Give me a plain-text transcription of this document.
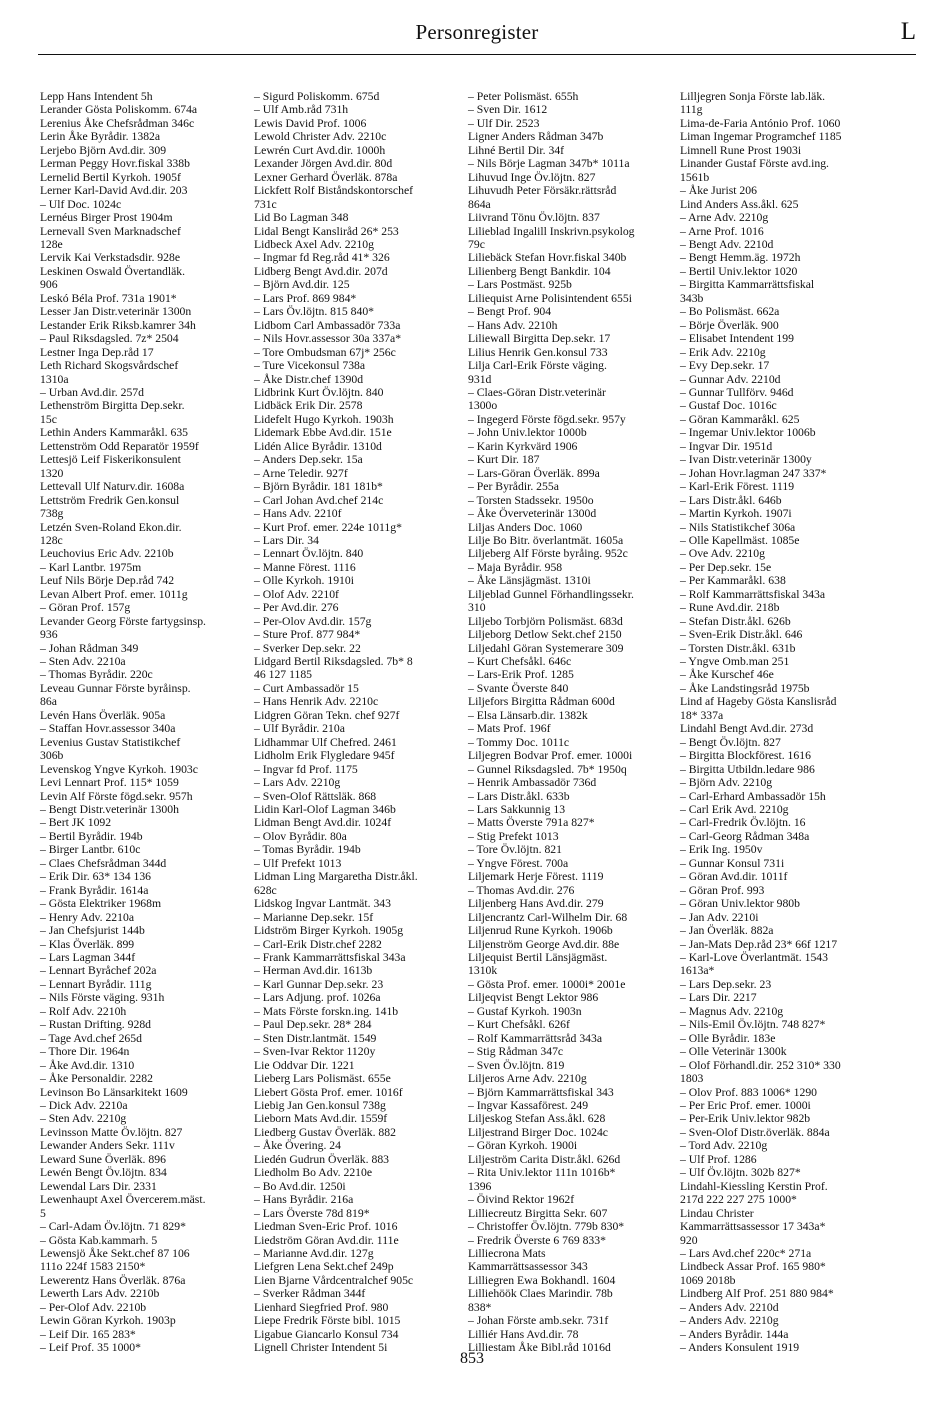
Personregister	L
Lepp Hans Intendent 5h
Lerander Gösta Poliskomm. 674a
Lerenius Åke Chefsrådman 346c
Lerin Åke Byrådir. 1382a
Lerjebo Björn Avd.dir. 309
Lerman Peggy Hovr.fiskal 338b
Lernelid Bertil Kyrkoh. 1905f
Lerner Karl-David Avd.dir. 203
– Ulf Doc. 1024c
Lernéus Birger Prost 1904m
Lernevall Sven Marknadschef
128e
Lervik Kai Verkstadsdir. 928e
Leskinen Oswald Övertandläk.
906
Leskó Béla Prof. 731a 1901*
Lesser Jan Distr.veterinär 1300n
Lestander Erik Riksb.kamrer 34h
– Paul Riksdagsled. 7z* 2504
Lestner Inga Dep.råd 17
Leth Richard Skogsvårdschef
1310a
– Urban Avd.dir. 257d
Lethenström Birgitta Dep.sekr.
15c
Lethin Anders Kammaråkl. 635
Lettenström Odd Reparatör 1959f
Lettesjö Leif Fiskerikonsulent
1320
Lettevall Ulf Naturv.dir. 1608a
Lettström Fredrik Gen.konsul
738g
Letzén Sven-Roland Ekon.dir.
128c
Leuchovius Eric Adv. 2210b
– Karl Lantbr. 1975m
Leuf Nils Börje Dep.råd 742
Levan Albert Prof. emer. 1011g
– Göran Prof. 157g
Levander Georg Förste fartygsinsp.
936
– Johan Rådman 349
– Sten Adv. 2210a
– Thomas Byrådir. 220c
Leveau Gunnar Förste byråinsp.
86a
Levén Hans Överläk. 905a
– Staffan Hovr.assessor 340a
Levenius Gustav Statistikchef
306b
Levenskog Yngve Kyrkoh. 1903c
Levi Lennart Prof. 115* 1059
Levin Alf Förste fögd.sekr. 957h
– Bengt Distr.veterinär 1300h
– Bert JK 1092
– Bertil Byrådir. 194b
– Birger Lantbr. 610c
– Claes Chefsrådman 344d
– Erik Dir. 63* 134 136
– Frank Byrådir. 1614a
– Gösta Elektriker 1968m
– Henry Adv. 2210a
– Jan Chefsjurist 144b
– Klas Överläk. 899
– Lars Lagman 344f
– Lennart Byråchef 202a
– Lennart Byrådir. 111g
– Nils Förste väging. 931h
– Rolf Adv. 2210h
– Rustan Drifting. 928d
– Tage Avd.chef 265d
– Thore Dir. 1964n
– Åke Avd.dir. 1310
– Åke Personaldir. 2282
Levinson Bo Länsarkitekt 1609
– Dick Adv. 2210a
– Sten Adv. 2210g
Levinsson Matte Öv.löjtn. 827
Lewander Anders Sekr. 111v
Leward Sune Överläk. 896
Lewén Bengt Öv.löjtn. 834
Lewendal Lars Dir. 2331
Lewenhaupt Axel Övercerem.mäst.
5
– Carl-Adam Öv.löjtn. 71 829*
– Gösta Kab.kammarh. 5
Lewensjö Åke Sekt.chef 87 106
111o 224f 1583 2150*
Lewerentz Hans Överläk. 876a
Lewerth Lars Adv. 2210b
– Per-Olof Adv. 2210b
Lewin Göran Kyrkoh. 1903p
– Leif Dir. 165 283*
– Leif Prof. 35 1000*
– Sigurd Poliskomm. 675d
– Ulf Amb.råd 731h
Lewis David Prof. 1006
Lewold Christer Adv. 2210c
Lewrén Curt Avd.dir. 1000h
Lexander Jörgen Avd.dir. 80d
Lexner Gerhard Överläk. 878a
Lickfett Rolf Biståndskontorschef
731c
Lid Bo Lagman 348
Lidal Bengt Kansliråd 26* 253
Lidbeck Axel Adv. 2210g
– Ingmar fd Reg.råd 41* 326
Lidberg Bengt Avd.dir. 207d
– Björn Avd.dir. 125
– Lars Prof. 869 984*
– Lars Öv.löjtn. 815 840*
Lidbom Carl Ambassadör 733a
– Nils Hovr.assessor 30a 337a*
– Tore Ombudsman 67j* 256c
– Ture Vicekonsul 738a
– Åke Distr.chef 1390d
Lidbrink Kurt Öv.löjtn. 840
Lidbäck Erik Dir. 2578
Lidefelt Hugo Kyrkoh. 1903h
Lidemark Ebbe Avd.dir. 151e
Lidén Alice Byrådir. 1310d
– Anders Dep.sekr. 15a
– Arne Teledir. 927f
– Björn Byrådir. 181 181b*
– Carl Johan Avd.chef 214c
– Hans Adv. 2210f
– Kurt Prof. emer. 224e 1011g*
– Lars Dir. 34
– Lennart Öv.löjtn. 840
– Manne Förest. 1116
– Olle Kyrkoh. 1910i
– Olof Adv. 2210f
– Per Avd.dir. 276
– Per-Olov Avd.dir. 157g
– Sture Prof. 877 984*
– Sverker Dep.sekr. 22
Lidgard Bertil Riksdagsled. 7b* 8
46 127 1185
– Curt Ambassadör 15
– Hans Henrik Adv. 2210c
Lidgren Göran Tekn. chef 927f
– Ulf Byrådir. 210a
Lidhammar Ulf Chefred. 2461
Lidholm Erik Flygledare 945f
– Ingvar fd Prof. 1175
– Lars Adv. 2210g
– Sven-Olof Rättsläk. 868
Lidin Karl-Olof Lagman 346b
Lidman Bengt Avd.dir. 1024f
– Olov Byrådir. 80a
– Tomas Byrådir. 194b
– Ulf Prefekt 1013
Lidman Ling Margaretha Distr.åkl.
628c
Lidskog Ingvar Lantmät. 343
– Marianne Dep.sekr. 15f
Lidström Birger Kyrkoh. 1905g
– Carl-Erik Distr.chef 2282
– Frank Kammarrättsfiskal 343a
– Herman Avd.dir. 1613b
– Karl Gunnar Dep.sekr. 23
– Lars Adjung. prof. 1026a
– Mats Förste forskn.ing. 141b
– Paul Dep.sekr. 28* 284
– Sten Distr.lantmät. 1549
– Sven-Ivar Rektor 1120y
Lie Oddvar Dir. 1221
Lieberg Lars Polismäst. 655e
Liebert Gösta Prof. emer. 1016f
Liebig Jan Gen.konsul 738g
Lieborn Mats Avd.dir. 1559f
Liedberg Gustav Överläk. 882
– Åke Övering. 24
Liedén Gudrun Överläk. 883
Liedholm Bo Adv. 2210e
– Bo Avd.dir. 1250i
– Hans Byrådir. 216a
– Lars Överste 78d 819*
Liedman Sven-Eric Prof. 1016
Liedström Göran Avd.dir. 111e
– Marianne Avd.dir. 127g
Liefgren Lena Sekt.chef 249p
Lien Bjarne Vårdcentralchef 905c
– Sverker Rådman 344f
Lienhard Siegfried Prof. 980
Liepe Fredrik Förste bibl. 1015
Ligabue Giancarlo Konsul 734
Lignell Christer Intendent 5i
– Peter Polismäst. 655h
– Sven Dir. 1612
– Ulf Dir. 2523
Ligner Anders Rådman 347b
Lihné Bertil Dir. 34f
– Nils Börje Lagman 347b* 1011a
Lihuvud Inge Öv.löjtn. 827
Lihuvudh Peter Försäkr.rättsråd
864a
Liivrand Tönu Öv.löjtn. 837
Lilieblad Ingalill Inskrivn.psykolog
79c
Liliebäck Stefan Hovr.fiskal 340b
Lilienberg Bengt Bankdir. 104
– Lars Postmäst. 925b
Liliequist Arne Polisintendent 655i
– Bengt Prof. 904
– Hans Adv. 2210h
Liliewall Birgitta Dep.sekr. 17
Lilius Henrik Gen.konsul 733
Lilja Carl-Erik Förste väging.
931d
– Claes-Göran Distr.veterinär
1300o
– Ingegerd Förste fögd.sekr. 957y
– John Univ.lektor 1000b
– Karin Kyrkvärd 1906
– Kurt Dir. 187
– Lars-Göran Överläk. 899a
– Per Byrådir. 255a
– Torsten Stadssekr. 1950o
– Åke Överveterinär 1300d
Liljas Anders Doc. 1060
Lilje Bo Bitr. överlantmät. 1605a
Liljeberg Alf Förste byråing. 952c
– Maja Byrådir. 958
– Åke Länsjägmäst. 1310i
Liljeblad Gunnel Förhandlingssekr.
310
Liljebo Torbjörn Polismäst. 683d
Liljeborg Detlow Sekt.chef 2150
Liljedahl Göran Systemerare 309
– Kurt Chefsåkl. 646c
– Lars-Erik Prof. 1285
– Svante Överste 840
Liljefors Birgitta Rådman 600d
– Elsa Länsarb.dir. 1382k
– Mats Prof. 196f
– Tommy Doc. 1011c
Liljegren Bodvar Prof. emer. 1000i
– Gunnel Riksdagsled. 7b* 1950q
– Henrik Ambassadör 736d
– Lars Distr.åkl. 633b
– Lars Sakkunnig 13
– Matts Överste 791a 827*
– Stig Prefekt 1013
– Tore Öv.löjtn. 821
– Yngve Förest. 700a
Liljemark Herje Förest. 1119
– Thomas Avd.dir. 276
Liljenberg Hans Avd.dir. 279
Liljencrantz Carl-Wilhelm Dir. 68
Liljenrud Rune Kyrkoh. 1906b
Liljenström George Avd.dir. 88e
Liljequist Bertil Länsjägmäst.
1310k
– Gösta Prof. emer. 1000i* 2001e
Liljeqvist Bengt Lektor 986
– Gustaf Kyrkoh. 1903n
– Kurt Chefsåkl. 626f
– Rolf Kammarrättsråd 343a
– Stig Rådman 347c
– Sven Öv.löjtn. 819
Liljeros Arne Adv. 2210g
– Björn Kammarrättsfiskal 343
– Ingvar Kassaförest. 249
Liljeskog Stefan Ass.åkl. 628
Liljestrand Birger Doc. 1024c
– Göran Kyrkoh. 1900i
Liljeström Carita Distr.åkl. 626d
– Rita Univ.lektor 111n 1016b*
1396
– Öivind Rektor 1962f
Lilliecreutz Birgitta Sekr. 607
– Christoffer Öv.löjtn. 779b 830*
– Fredrik Överste 6 769 833*
Lilliecrona Mats
Kammarrättsassessor 343
Lilliegren Ewa Bokhandl. 1604
Lilliehöök Claes Marindir. 78b
838*
– Johan Förste amb.sekr. 731f
Lilliér Hans Avd.dir. 78
Lilliestam Åke Bibl.råd 1016d
Lilljegren Sonja Förste lab.läk.
111g
Lima-de-Faria António Prof. 1060
Liman Ingemar Programchef 1185
Limnell Rune Prost 1903i
Linander Gustaf Förste avd.ing.
1561b
– Åke Jurist 206
Lind Anders Ass.åkl. 625
– Arne Adv. 2210g
– Arne Prof. 1016
– Bengt Adv. 2210d
– Bengt Hemm.äg. 1972h
– Bertil Univ.lektor 1020
– Birgitta Kammarrättsfiskal
343b
– Bo Polismäst. 662a
– Börje Överläk. 900
– Elisabet Intendent 199
– Erik Adv. 2210g
– Evy Dep.sekr. 17
– Gunnar Adv. 2210d
– Gunnar Tullförv. 946d
– Gustaf Doc. 1016c
– Göran Kammaråkl. 625
– Ingemar Univ.lektor 1006b
– Ingvar Dir. 1951d
– Ivan Distr.veterinär 1300y
– Johan Hovr.lagman 247 337*
– Karl-Erik Förest. 1119
– Lars Distr.åkl. 646b
– Martin Kyrkoh. 1907i
– Nils Statistikchef 306a
– Olle Kapellmäst. 1085e
– Ove Adv. 2210g
– Per Dep.sekr. 15e
– Per Kammaråkl. 638
– Rolf Kammarrättsfiskal 343a
– Rune Avd.dir. 218b
– Stefan Distr.åkl. 626b
– Sven-Erik Distr.åkl. 646
– Torsten Distr.åkl. 631b
– Yngve Omb.man 251
– Åke Kurschef 46e
– Åke Landstingsråd 1975b
Lind af Hageby Gösta Kanslisråd
18* 337a
Lindahl Bengt Avd.dir. 273d
– Bengt Öv.löjtn. 827
– Birgitta Blockförest. 1616
– Birgitta Utbildn.ledare 986
– Björn Adv. 2210g
– Carl-Erhard Ambassadör 15h
– Carl Erik Avd. 2210g
– Carl-Fredrik Öv.löjtn. 16
– Carl-Georg Rådman 348a
– Erik Ing. 1950v
– Gunnar Konsul 731i
– Göran Avd.dir. 1011f
– Göran Prof. 993
– Göran Univ.lektor 980b
– Jan Adv. 2210i
– Jan Överläk. 882a
– Jan-Mats Dep.råd 23* 66f 1217
– Karl-Love Överlantmät. 1543
1613a*
– Lars Dep.sekr. 23
– Lars Dir. 2217
– Magnus Adv. 2210g
– Nils-Emil Öv.löjtn. 748 827*
– Olle Byrådir. 183e
– Olle Veterinär 1300k
– Olof Förhandl.dir. 252 310* 330
1803
– Olov Prof. 883 1006* 1290
– Per Eric Prof. emer. 1000i
– Per-Erik Univ.lektor 982b
– Sven-Olof Distr.överläk. 884a
– Tord Adv. 2210g
– Ulf Prof. 1286
– Ulf Öv.löjtn. 302b 827*
Lindahl-Kiessling Kerstin Prof.
217d 222 227 275 1000*
Lindau Christer
Kammarrättsassessor 17 343a*
920
– Lars Avd.chef 220c* 271a
Lindbeck Assar Prof. 165 980*
1069 2018b
Lindberg Alf Prof. 251 880 984*
– Anders Adv. 2210d
– Anders Adv. 2210g
– Anders Byrådir. 144a
– Anders Konsulent 1919
853
